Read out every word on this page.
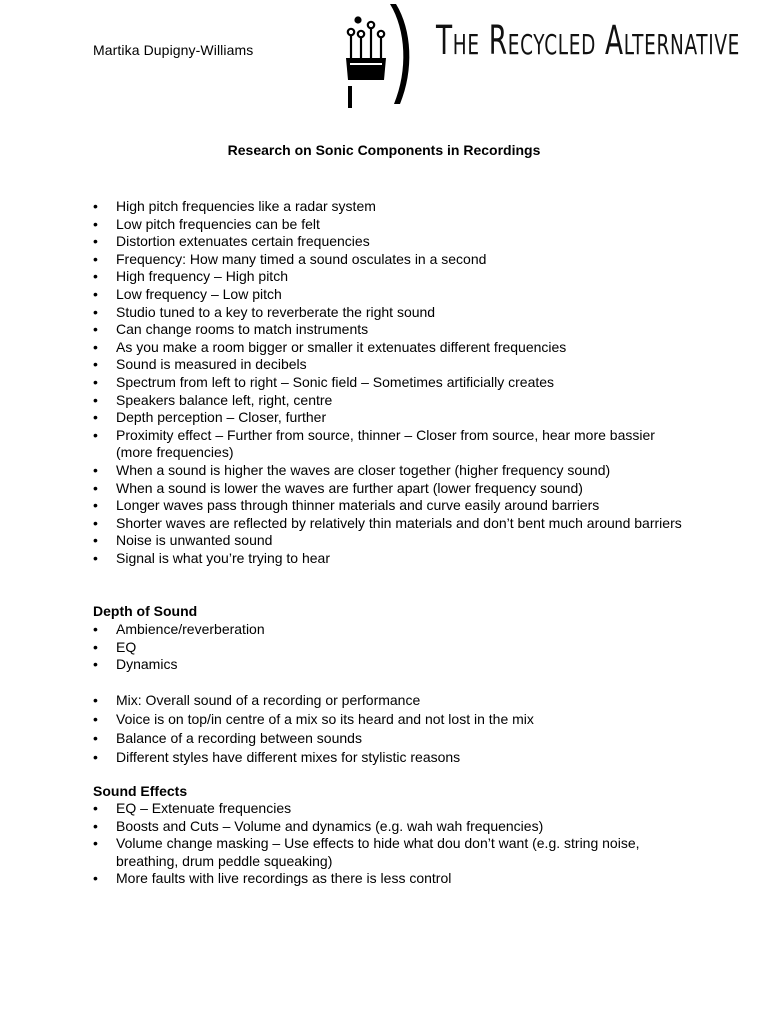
Martika Dupigny-Williams	The Recycled Alternative
Research on Sonic Components in Recordings
• High pitch frequencies like a radar system
• Low pitch frequencies can be felt
• Distortion extenuates certain frequencies
• Frequency: How many timed a sound osculates in a second
• High frequency – High pitch
• Low frequency – Low pitch
• Studio tuned to a key to reverberate the right sound
• Can change rooms to match instruments
• As you make a room bigger or smaller it extenuates different frequencies
• Sound is measured in decibels
• Spectrum from left to right – Sonic field – Sometimes artificially creates
• Speakers balance left, right, centre
• Depth perception – Closer, further
• Proximity effect – Further from source, thinner – Closer from source, hear more bassier (more frequencies)
• When a sound is higher the waves are closer together (higher frequency sound)
• When a sound is lower the waves are further apart (lower frequency sound)
• Longer waves pass through thinner materials and curve easily around barriers
• Shorter waves are reflected by relatively thin materials and don’t bent much around barriers
• Noise is unwanted sound
• Signal is what you’re trying to hear
Depth of Sound
• Ambience/reverberation
• EQ
• Dynamics
• Mix: Overall sound of a recording or performance
• Voice is on top/in centre of a mix so its heard and not lost in the mix
• Balance of a recording between sounds
• Different styles have different mixes for stylistic reasons
Sound Effects
• EQ – Extenuate frequencies
• Boosts and Cuts – Volume and dynamics (e.g. wah wah frequencies)
• Volume change masking – Use effects to hide what dou don’t want (e.g. string noise, breathing, drum peddle squeaking)
• More faults with live recordings as there is less control
